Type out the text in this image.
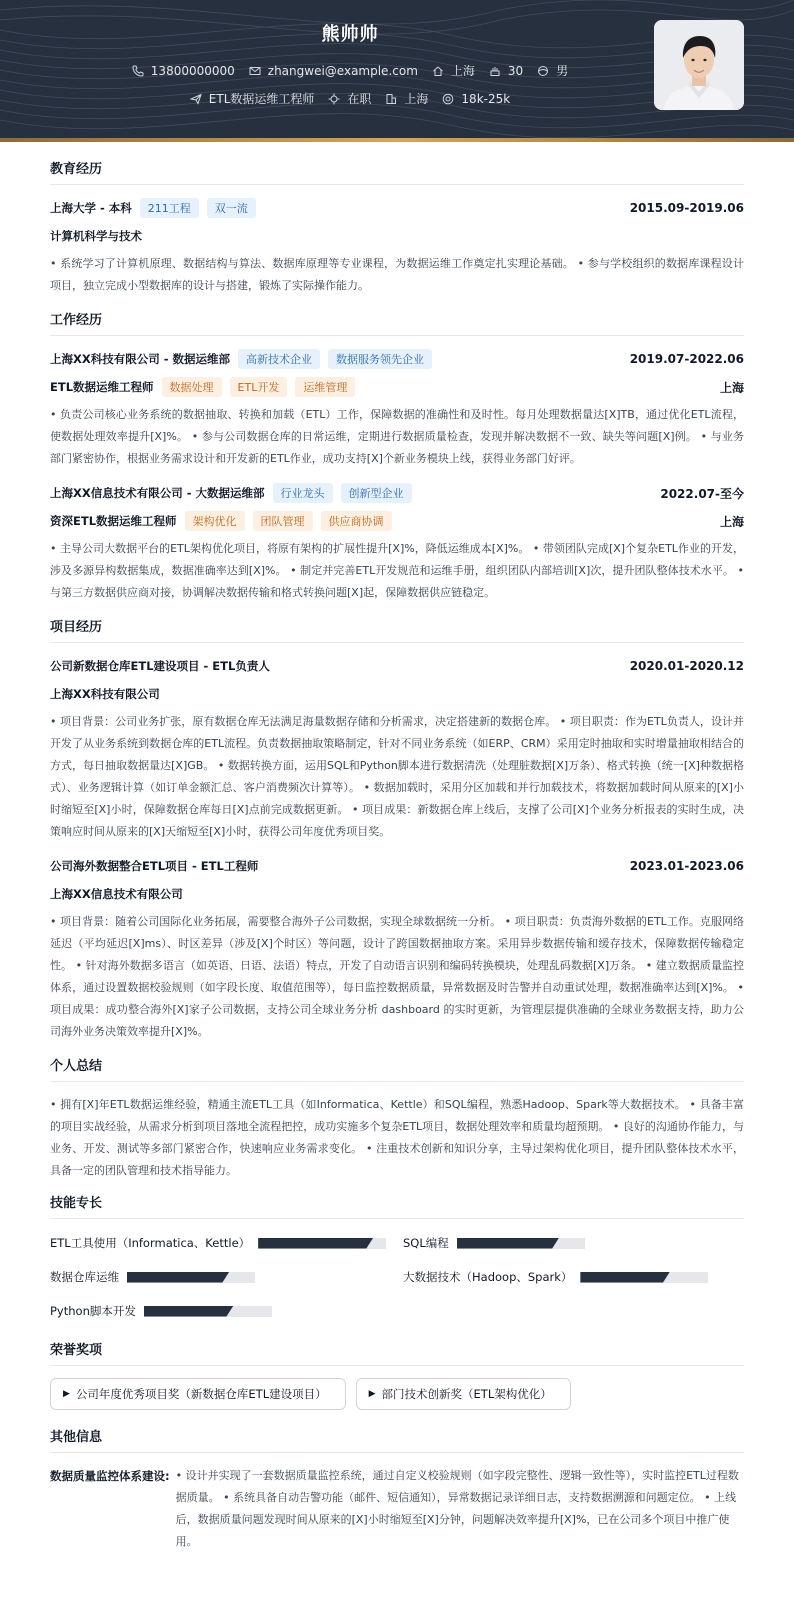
熊帅帅
13800000000	zhangwei@example.com	上海	30	男
ETL数据运维工程师	在职	上海	18k-25k
教育经历
上海大学 - 本科	211工程	双一流	2015.09-2019.06
计算机科学与技术
• 系统学习了计算机原理、数据结构与算法、数据库原理等专业课程，为数据运维工作奠定扎实理论基础。 • 参与学校组织的数据库课程设计项目，独立完成小型数据库的设计与搭建，锻炼了实际操作能力。
工作经历
上海XX科技有限公司 - 数据运维部	高新技术企业	数据服务领先企业	2019.07-2022.06
ETL数据运维工程师	数据处理	ETL开发	运维管理	上海
• 负责公司核心业务系统的数据抽取、转换和加载（ETL）工作，保障数据的准确性和及时性。每月处理数据量达[X]TB，通过优化ETL流程，使数据处理效率提升[X]%。 • 参与公司数据仓库的日常运维，定期进行数据质量检查，发现并解决数据不一致、缺失等问题[X]例。 • 与业务部门紧密协作，根据业务需求设计和开发新的ETL作业，成功支持[X]个新业务模块上线，获得业务部门好评。
上海XX信息技术有限公司 - 大数据运维部	行业龙头	创新型企业	2022.07-至今
资深ETL数据运维工程师	架构优化	团队管理	供应商协调	上海
• 主导公司大数据平台的ETL架构优化项目，将原有架构的扩展性提升[X]%，降低运维成本[X]%。 • 带领团队完成[X]个复杂ETL作业的开发，涉及多源异构数据集成，数据准确率达到[X]%。 • 制定并完善ETL开发规范和运维手册，组织团队内部培训[X]次，提升团队整体技术水平。 • 与第三方数据供应商对接，协调解决数据传输和格式转换问题[X]起，保障数据供应链稳定。
项目经历
公司新数据仓库ETL建设项目 - ETL负责人	2020.01-2020.12
上海XX科技有限公司
• 项目背景：公司业务扩张，原有数据仓库无法满足海量数据存储和分析需求，决定搭建新的数据仓库。 • 项目职责：作为ETL负责人，设计并开发了从业务系统到数据仓库的ETL流程。负责数据抽取策略制定，针对不同业务系统（如ERP、CRM）采用定时抽取和实时增量抽取相结合的方式，每日抽取数据量达[X]GB。 • 数据转换方面，运用SQL和Python脚本进行数据清洗（处理脏数据[X]万条）、格式转换（统一[X]种数据格式）、业务逻辑计算（如订单金额汇总、客户消费频次计算等）。 • 数据加载时，采用分区加载和并行加载技术，将数据加载时间从原来的[X]小时缩短至[X]小时，保障数据仓库每日[X]点前完成数据更新。 • 项目成果：新数据仓库上线后，支撑了公司[X]个业务分析报表的实时生成，决策响应时间从原来的[X]天缩短至[X]小时，获得公司年度优秀项目奖。
公司海外数据整合ETL项目 - ETL工程师	2023.01-2023.06
上海XX信息技术有限公司
• 项目背景：随着公司国际化业务拓展，需要整合海外子公司数据，实现全球数据统一分析。 • 项目职责：负责海外数据的ETL工作。克服网络延迟（平均延迟[X]ms）、时区差异（涉及[X]个时区）等问题，设计了跨国数据抽取方案。采用异步数据传输和缓存技术，保障数据传输稳定性。 • 针对海外数据多语言（如英语、日语、法语）特点，开发了自动语言识别和编码转换模块，处理乱码数据[X]万条。 • 建立数据质量监控体系，通过设置数据校验规则（如字段长度、取值范围等），每日监控数据质量，异常数据及时告警并自动重试处理，数据准确率达到[X]%。 • 项目成果：成功整合海外[X]家子公司数据，支持公司全球业务分析 dashboard 的实时更新，为管理层提供准确的全球业务数据支持，助力公司海外业务决策效率提升[X]%。
个人总结
• 拥有[X]年ETL数据运维经验，精通主流ETL工具（如Informatica、Kettle）和SQL编程，熟悉Hadoop、Spark等大数据技术。 • 具备丰富的项目实战经验，从需求分析到项目落地全流程把控，成功实施多个复杂ETL项目，数据处理效率和质量均超预期。 • 良好的沟通协作能力，与业务、开发、测试等多部门紧密合作，快速响应业务需求变化。 • 注重技术创新和知识分享，主导过架构优化项目，提升团队整体技术水平，具备一定的团队管理和技术指导能力。
技能专长
ETL工具使用（Informatica、Kettle）	SQL编程
数据仓库运维	大数据技术（Hadoop、Spark）
Python脚本开发
荣誉奖项
▶ 公司年度优秀项目奖（新数据仓库ETL建设项目）	▶ 部门技术创新奖（ETL架构优化）
其他信息
数据质量监控体系建设: • 设计并实现了一套数据质量监控系统，通过自定义校验规则（如字段完整性、逻辑一致性等），实时监控ETL过程数据质量。 • 系统具备自动告警功能（邮件、短信通知），异常数据记录详细日志，支持数据溯源和问题定位。 • 上线后，数据质量问题发现时间从原来的[X]小时缩短至[X]分钟，问题解决效率提升[X]%，已在公司多个项目中推广使用。
